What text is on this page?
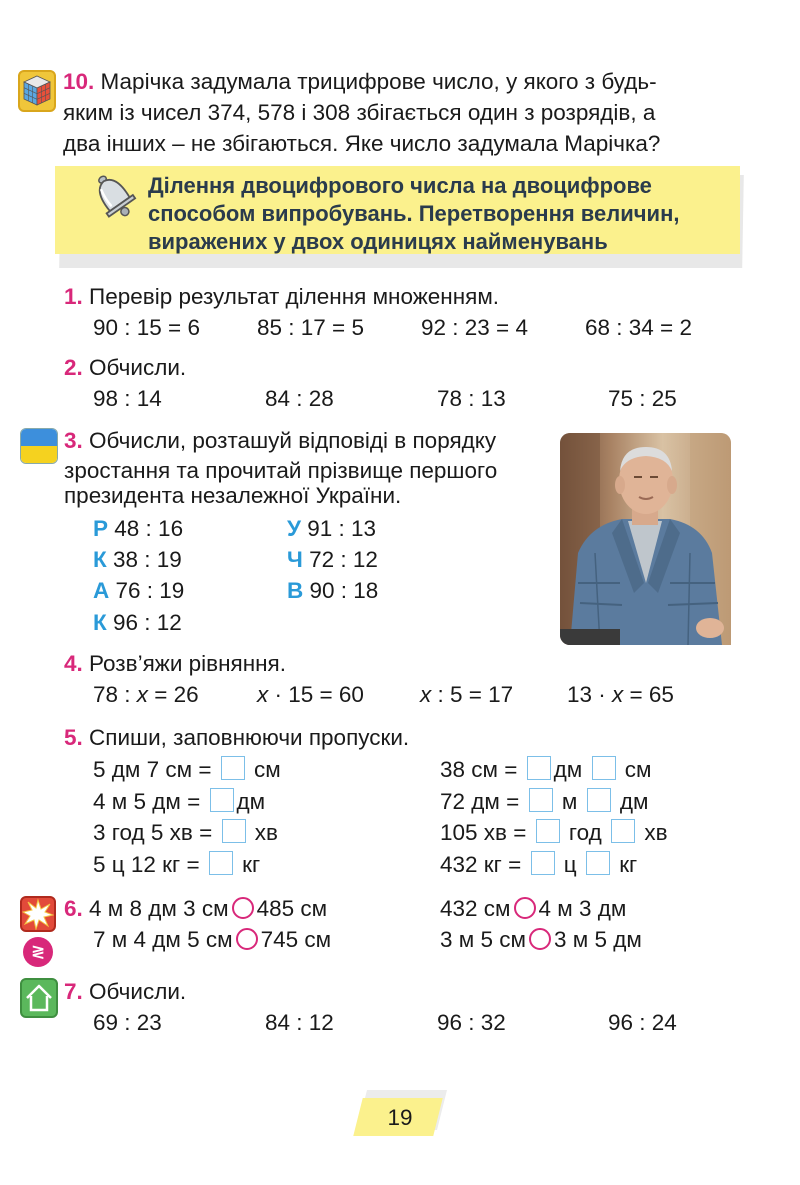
10. Марічка задумала трицифрове число, у якого з будь-
яким із чисел 374, 578 і 308 збігається один з розрядів, а
два інших – не збігаються. Яке число задумала Марічка?
Ділення двоцифрового числа на двоцифрове
способом випробувань. Перетворення величин,
виражених у двох одиницях найменувань
1. Перевір результат ділення множенням.
90 : 15 = 6	85 : 17 = 5	92 : 23 = 4	68 : 34 = 2
2. Обчисли.
98 : 14	84 : 28	78 : 13	75 : 25
3. Обчисли, розташуй відповіді в порядку
зростання та прочитай прізвище першого
президента незалежної України.
Р 48 : 16
К 38 : 19
А 76 : 19
К 96 : 12
У 91 : 13
Ч 72 : 12
В 90 : 18
4. Розв’яжи рівняння.
78 : x = 26	x · 15 = 60 x : 5 = 17 13 · x = 65
5. Спиши, заповнюючи пропуски.
5 дм 7 см = см
4 м 5 дм = дм
3 год 5 хв = хв
5 ц 12 кг = кг
38 см = дм см
72 дм = м дм
105 хв = год хв
432 кг = ц кг
≷
6. 4 м 8 дм 3 см 485 см
7 м 4 дм 5 см 745 см
432 см 4 м 3 дм
3 м 5 см 3 м 5 дм
7. Обчисли.
69 : 23	84 : 12	96 : 32	96 : 24
19
